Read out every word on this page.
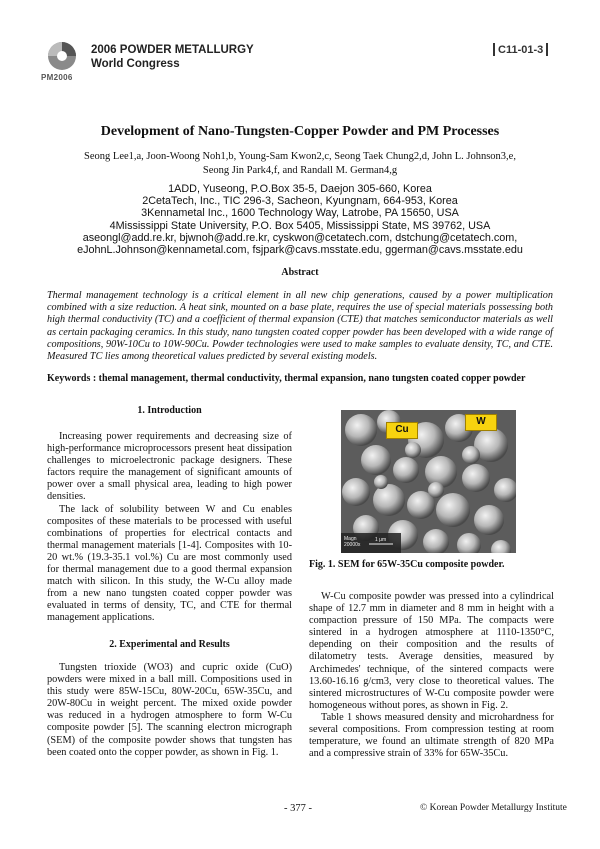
PM2006
2006 POWDER METALLURGY
World Congress
C11-01-3
Development of Nano-Tungsten-Copper Powder and PM Processes
Seong Lee1,a, Joon-Woong Noh1,b, Young-Sam Kwon2,c, Seong Taek Chung2,d, John L. Johnson3,e,
Seong Jin Park4,f, and Randall M. German4,g
1ADD, Yuseong, P.O.Box 35-5, Daejon 305-660, Korea
2CetaTech, Inc., TIC 296-3, Sacheon, Kyungnam, 664-953, Korea
3Kennametal Inc., 1600 Technology Way, Latrobe, PA 15650, USA
4Mississippi State University, P.O. Box 5405, Mississippi State, MS 39762, USA
aseongl@add.re.kr, bjwnoh@add.re.kr, cyskwon@cetatech.com, dstchung@cetatech.com,
eJohnL.Johnson@kennametal.com, fsjpark@cavs.msstate.edu, ggerman@cavs.msstate.edu
Abstract

Thermal management technology is a critical element in all new chip generations, caused by a power multiplication combined with a size reduction. A heat sink, mounted on a base plate, requires the use of special materials possessing both high thermal conductivity (TC) and a coefficient of thermal expansion (CTE) that matches semiconductor materials as well as certain packaging ceramics. In this study, nano tungsten coated copper powder has been developed with a wide range of compositions, 90W-10Cu to 10W-90Cu. Powder technologies were used to make samples to evaluate density, TC, and CTE. Measured TC lies among theoretical values predicted by several existing models.

Keywords : themal management, thermal conductivity, thermal expansion, nano tungsten coated copper powder

1. Introduction

Increasing power requirements and decreasing size of high-performance microprocessors present heat dissipation challenges to microelectronic package designers. These factors require the management of significant amounts of power over a small physical area, leading to high power densities.

The lack of solubility between W and Cu enables composites of these materials to be processed with useful combinations of properties for electrical contacts and thermal management materials [1-4]. Composites with 10-20 wt.% (19.3-35.1 vol.%) Cu are most commonly used for thermal management due to a good thermal expansion match with silicon. In this study, the W-Cu alloy made from a new nano tungsten coated copper powder was evaluated in terms of density, TC, and CTE for thermal management applications.

2. Experimental and Results

Tungsten trioxide (WO3) and cupric oxide (CuO) powders were mixed in a ball mill. Compositions used in this study were 85W-15Cu, 80W-20Cu, 65W-35Cu, and 20W-80Cu in weight percent. The mixed oxide powder was reduced in a hydrogen atmosphere to form W-Cu composite powder [5]. The scanning electron micrograph (SEM) of the composite powder shows that tungsten has been coated onto the copper powder, as shown in Fig. 1.

Cu
W
Magn
20000x
1 μm

Fig. 1. SEM for 65W-35Cu composite powder.

W-Cu composite powder was pressed into a cylindrical shape of 12.7 mm in diameter and 8 mm in height with a compaction pressure of 150 MPa. The compacts were sintered in a hydrogen atmosphere at 1110-1350°C, depending on their composition and the results of dilatometry tests. Average densities, measured by Archimedes' technique, of the sintered compacts were 13.60-16.16 g/cm3, very close to theoretical values. The sintered microstructures of W-Cu composite powder were homogeneous without pores, as shown in Fig. 2.

Table 1 shows measured density and microhardness for several compositions. From compression testing at room temperature, we found an ultimate strength of 820 MPa and a compressive strain of 33% for 65W-35Cu.

- 377 -	© Korean Powder Metallurgy Institute
